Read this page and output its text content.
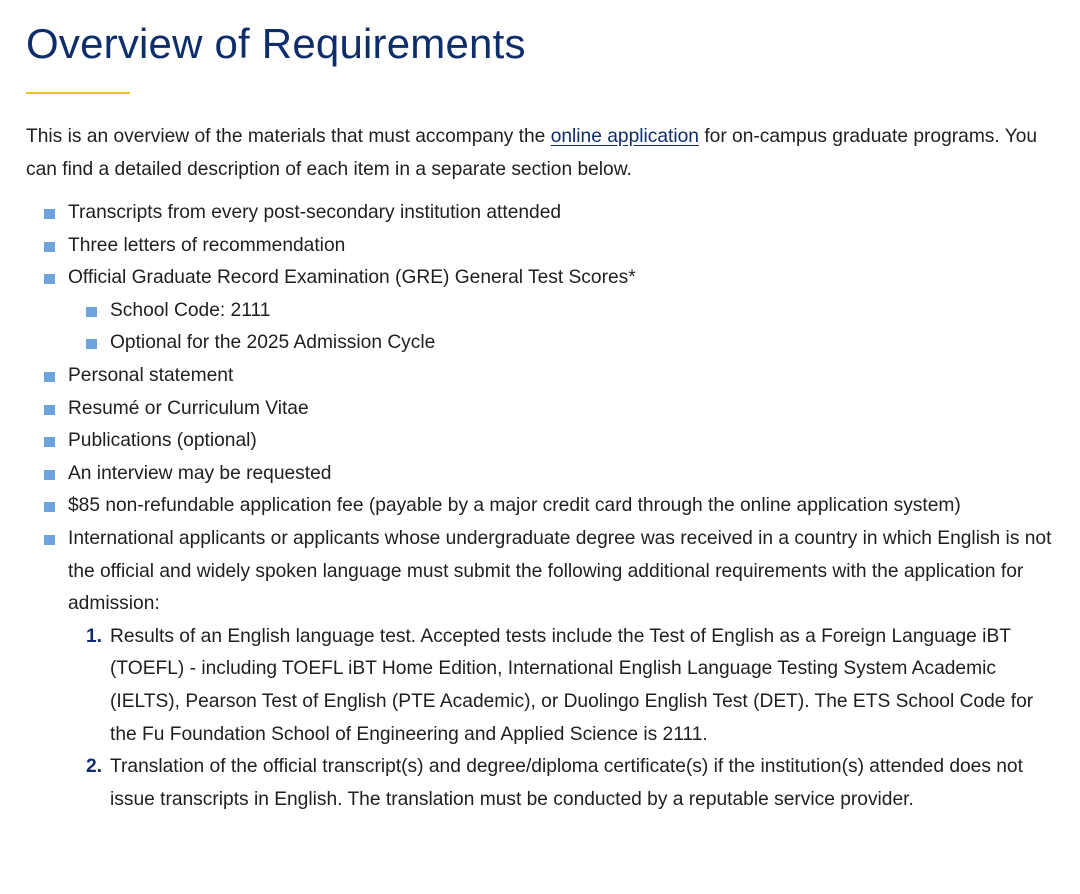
Overview of Requirements

This is an overview of the materials that must accompany the online application for on-campus graduate programs. You can find a detailed description of each item in a separate section below.

Transcripts from every post-secondary institution attended
Three letters of recommendation
Official Graduate Record Examination (GRE) General Test Scores*
School Code: 2111
Optional for the 2025 Admission Cycle
Personal statement
Resumé or Curriculum Vitae
Publications (optional)
An interview may be requested
$85 non-refundable application fee (payable by a major credit card through the online application system)
International applicants or applicants whose undergraduate degree was received in a country in which English is not the official and widely spoken language must submit the following additional requirements with the application for admission:
1. Results of an English language test. Accepted tests include the Test of English as a Foreign Language iBT (TOEFL) - including TOEFL iBT Home Edition, International English Language Testing System Academic (IELTS), Pearson Test of English (PTE Academic), or Duolingo English Test (DET). The ETS School Code for the Fu Foundation School of Engineering and Applied Science is 2111.
2. Translation of the official transcript(s) and degree/diploma certificate(s) if the institution(s) attended does not issue transcripts in English. The translation must be conducted by a reputable service provider.
